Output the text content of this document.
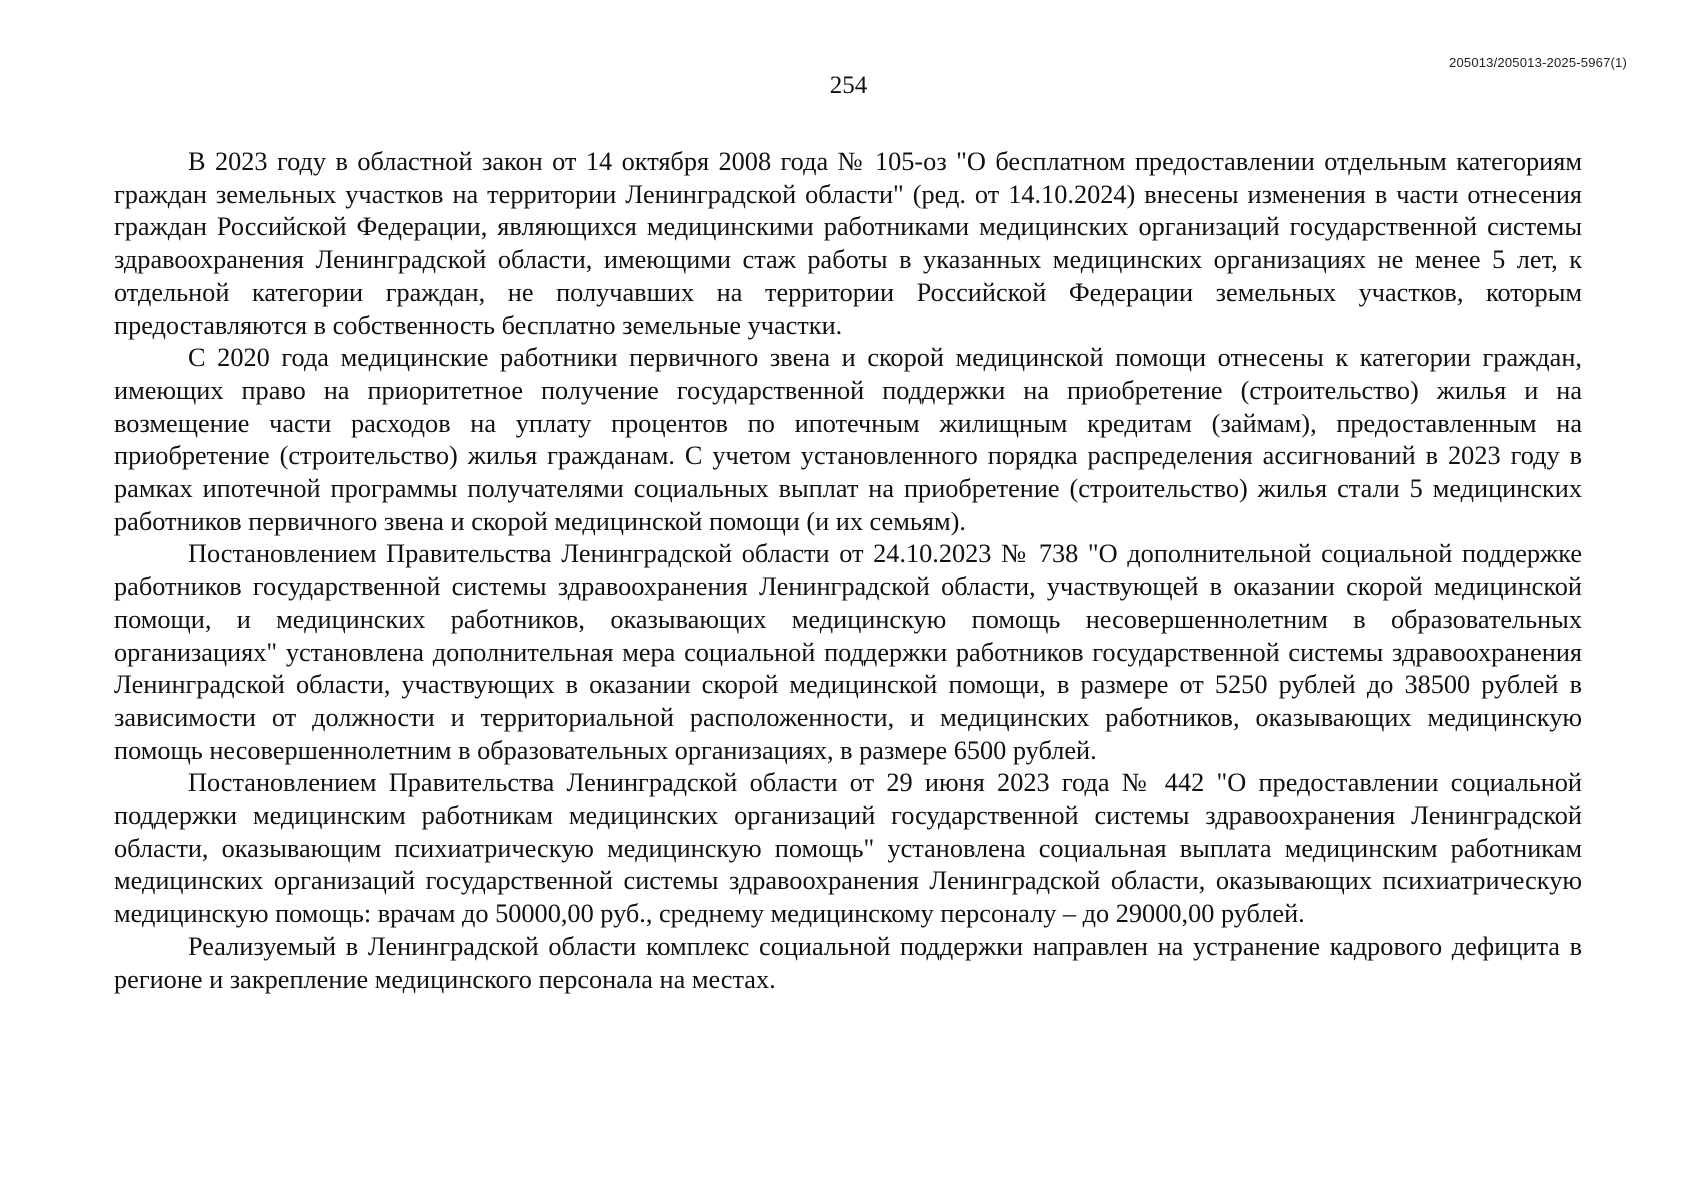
205013/205013-2025-5967(1)
254

В 2023 году в областной закон от 14 октября 2008 года № 105-оз "О бесплатном предоставлении отдельным категориям граждан земельных участков на территории Ленинградской области" (ред. от 14.10.2024) внесены изменения в части отнесения граждан Российской Федерации, являющихся медицинскими работниками медицинских организаций государственной системы здравоохранения Ленинградской области, имеющими стаж работы в указанных медицинских организациях не менее 5 лет, к отдельной категории граждан, не получавших на территории Российской Федерации земельных участков, которым предоставляются в собственность бесплатно земельные участки.

С 2020 года медицинские работники первичного звена и скорой медицинской помощи отнесены к категории граждан, имеющих право на приоритетное получение государственной поддержки на приобретение (строительство) жилья и на возмещение части расходов на уплату процентов по ипотечным жилищным кредитам (займам), предоставленным на приобретение (строительство) жилья гражданам. С учетом установленного порядка распределения ассигнований в 2023 году в рамках ипотечной программы получателями социальных выплат на приобретение (строительство) жилья стали 5 медицинских работников первичного звена и скорой медицинской помощи (и их семьям).

Постановлением Правительства Ленинградской области от 24.10.2023 № 738 "О дополнительной социальной поддержке работников государственной системы здравоохранения Ленинградской области, участвующей в оказании скорой медицинской помощи, и медицинских работников, оказывающих медицинскую помощь несовершеннолетним в образовательных организациях" установлена дополнительная мера социальной поддержки работников государственной системы здравоохранения Ленинградской области, участвующих в оказании скорой медицинской помощи, в размере от 5250 рублей до 38500 рублей в зависимости от должности и территориальной расположенности, и медицинских работников, оказывающих медицинскую помощь несовершеннолетним в образовательных организациях, в размере 6500 рублей.

Постановлением Правительства Ленинградской области от 29 июня 2023 года № 442 "О предоставлении социальной поддержки медицинским работникам медицинских организаций государственной системы здравоохранения Ленинградской области, оказывающим психиатрическую медицинскую помощь" установлена социальная выплата медицинским работникам медицинских организаций государственной системы здравоохранения Ленинградской области, оказывающих психиатрическую медицинскую помощь: врачам до 50000,00 руб., среднему медицинскому персоналу – до 29000,00 рублей.

Реализуемый в Ленинградской области комплекс социальной поддержки направлен на устранение кадрового дефицита в регионе и закрепление медицинского персонала на местах.
